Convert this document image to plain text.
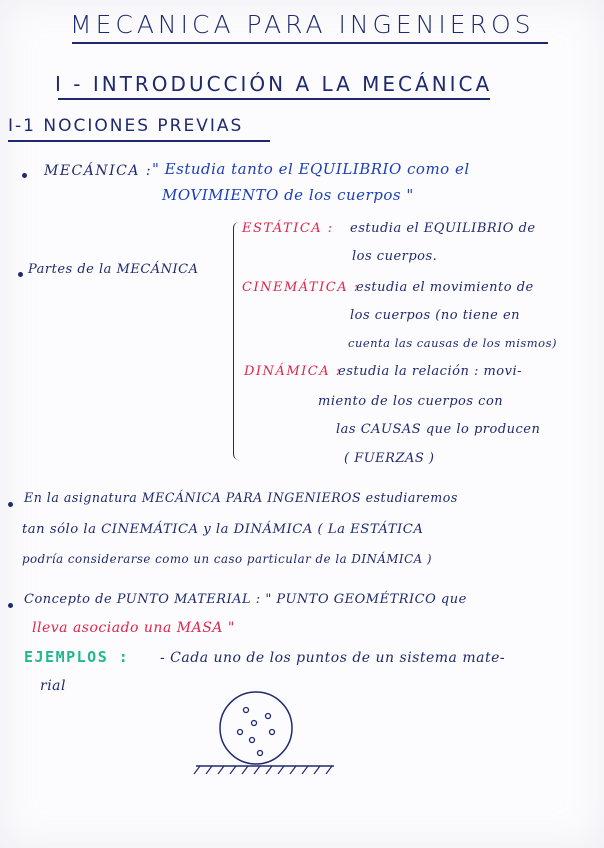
MECANICA PARA INGENIEROS
I - INTRODUCCIÓN A LA MECÁNICA
I-1 NOCIONES PREVIAS
MECÁNICA : " Estudia tanto el EQUILIBRIO como el
MOVIMIENTO de los cuerpos "
Partes de la MECÁNICA
ESTÁTICA : estudia el EQUILIBRIO de
los cuerpos.
CINEMÁTICA :
estudia el movimiento de
los cuerpos (no tiene en
cuenta las causas de los mismos)
DINÁMICA :
estudia la relación : movi-
miento de los cuerpos con
las CAUSAS que lo producen
( FUERZAS )
En la asignatura MECÁNICA PARA INGENIEROS estudiaremos
tan sólo la CINEMÁTICA y la DINÁMICA ( La ESTÁTICA
podría considerarse como un caso particular de la DINÁMICA )
Concepto de PUNTO MATERIAL : " PUNTO GEOMÉTRICO que
lleva asociado una MASA "
EJEMPLOS : - Cada uno de los puntos de un sistema mate-
rial
